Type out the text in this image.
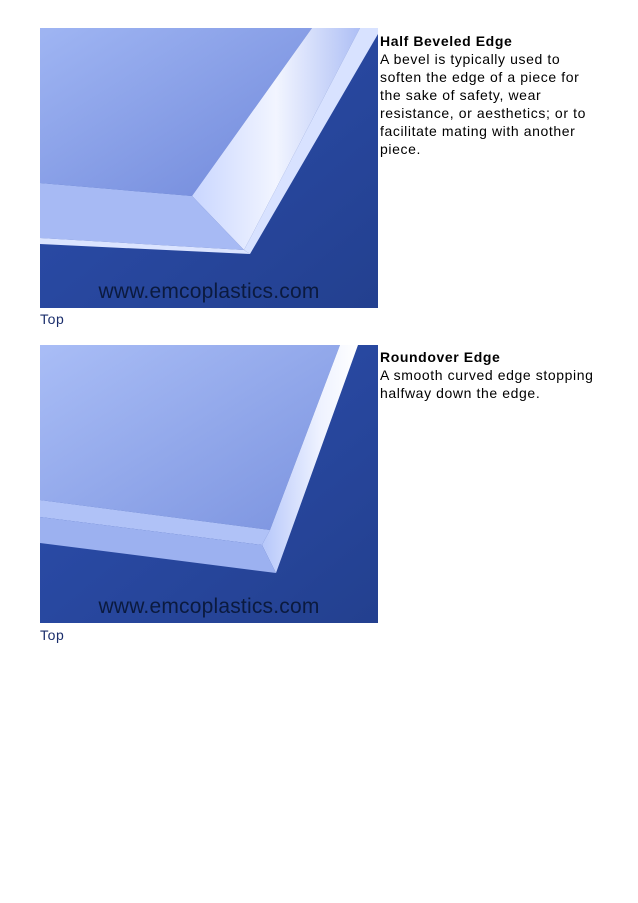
www.emcoplastics.com
Half Beveled Edge
A bevel is typically used to soften the edge of a piece for the sake of safety, wear resistance, or aesthetics; or to facilitate mating with another piece.
Top
www.emcoplastics.com
Roundover Edge
A smooth curved edge stopping halfway down the edge.
Top
